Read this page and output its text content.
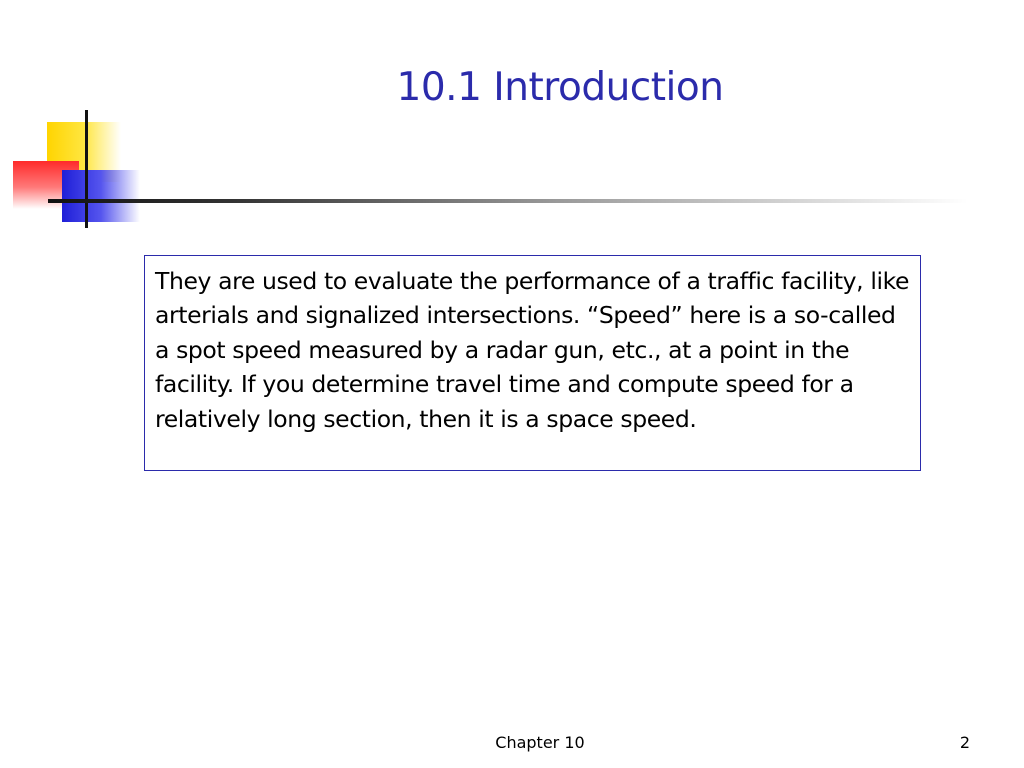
10.1 Introduction

They are used to evaluate the performance of a traffic facility, like arterials and signalized intersections. “Speed” here is a so-called a spot speed measured by a radar gun, etc., at a point in the facility. If you determine travel time and compute speed for a relatively long section, then it is a space speed.

Chapter 10	2
